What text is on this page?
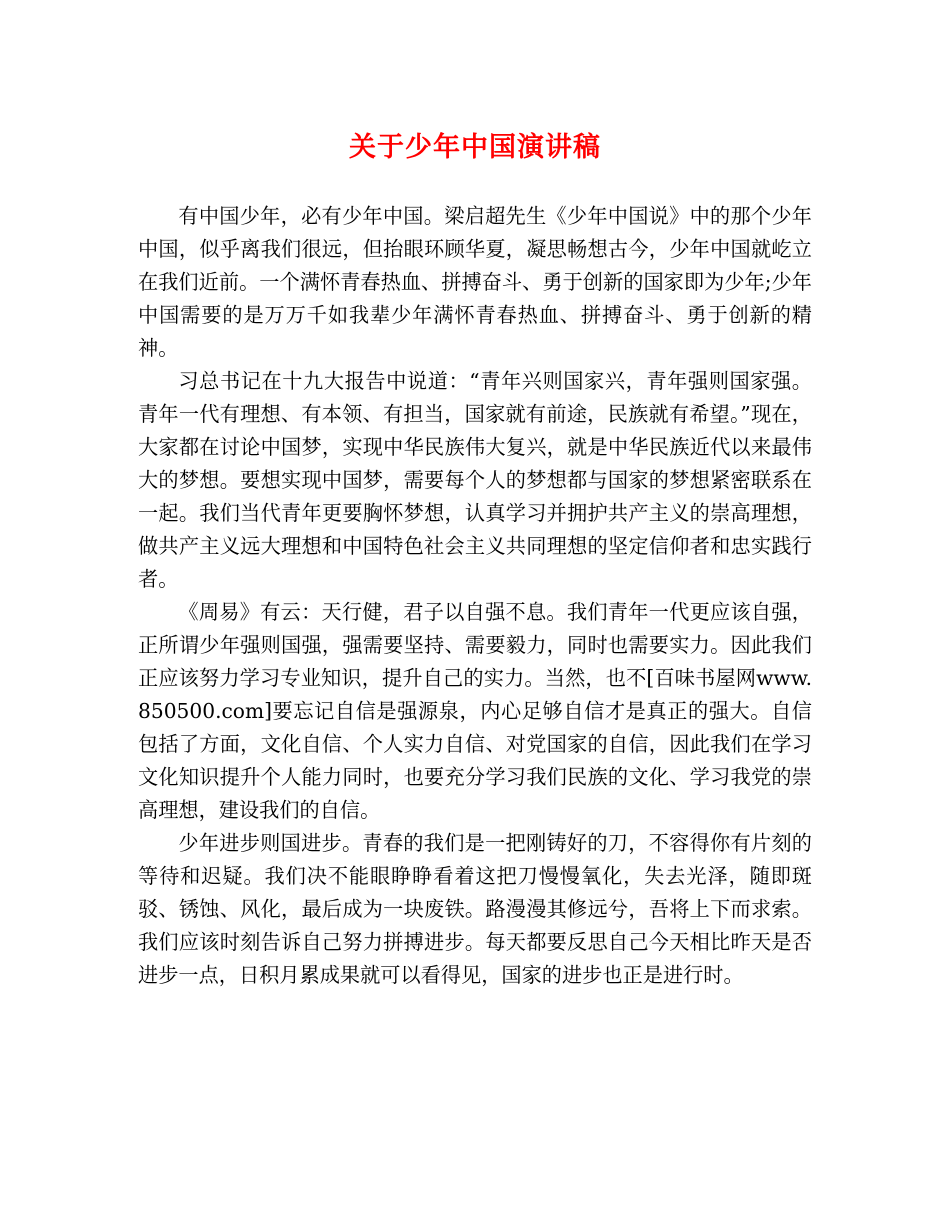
关于少年中国演讲稿

有中国少年，必有少年中国。梁启超先生《少年中国说》中的那个少年中国，似乎离我们很远，但抬眼环顾华夏，凝思畅想古今，少年中国就屹立在我们近前。一个满怀青春热血、拼搏奋斗、勇于创新的国家即为少年;少年中国需要的是万万千如我辈少年满怀青春热血、拼搏奋斗、勇于创新的精神。

习总书记在十九大报告中说道：“青年兴则国家兴，青年强则国家强。青年一代有理想、有本领、有担当，国家就有前途，民族就有希望。”现在，大家都在讨论中国梦，实现中华民族伟大复兴，就是中华民族近代以来最伟大的梦想。要想实现中国梦，需要每个人的梦想都与国家的梦想紧密联系在一起。我们当代青年更要胸怀梦想，认真学习并拥护共产主义的崇高理想，做共产主义远大理想和中国特色社会主义共同理想的坚定信仰者和忠实践行者。

《周易》有云：天行健，君子以自强不息。我们青年一代更应该自强，正所谓少年强则国强，强需要坚持、需要毅力，同时也需要实力。因此我们正应该努力学习专业知识，提升自己的实力。当然，也不[百味书屋网www.850500.com]要忘记自信是强源泉，内心足够自信才是真正的强大。自信包括了方面，文化自信、个人实力自信、对党国家的自信，因此我们在学习文化知识提升个人能力同时，也要充分学习我们民族的文化、学习我党的崇高理想，建设我们的自信。

少年进步则国进步。青春的我们是一把刚铸好的刀，不容得你有片刻的等待和迟疑。我们决不能眼睁睁看着这把刀慢慢氧化，失去光泽，随即斑驳、锈蚀、风化，最后成为一块废铁。路漫漫其修远兮，吾将上下而求索。我们应该时刻告诉自己努力拼搏进步。每天都要反思自己今天相比昨天是否进步一点，日积月累成果就可以看得见，国家的进步也正是进行时。
